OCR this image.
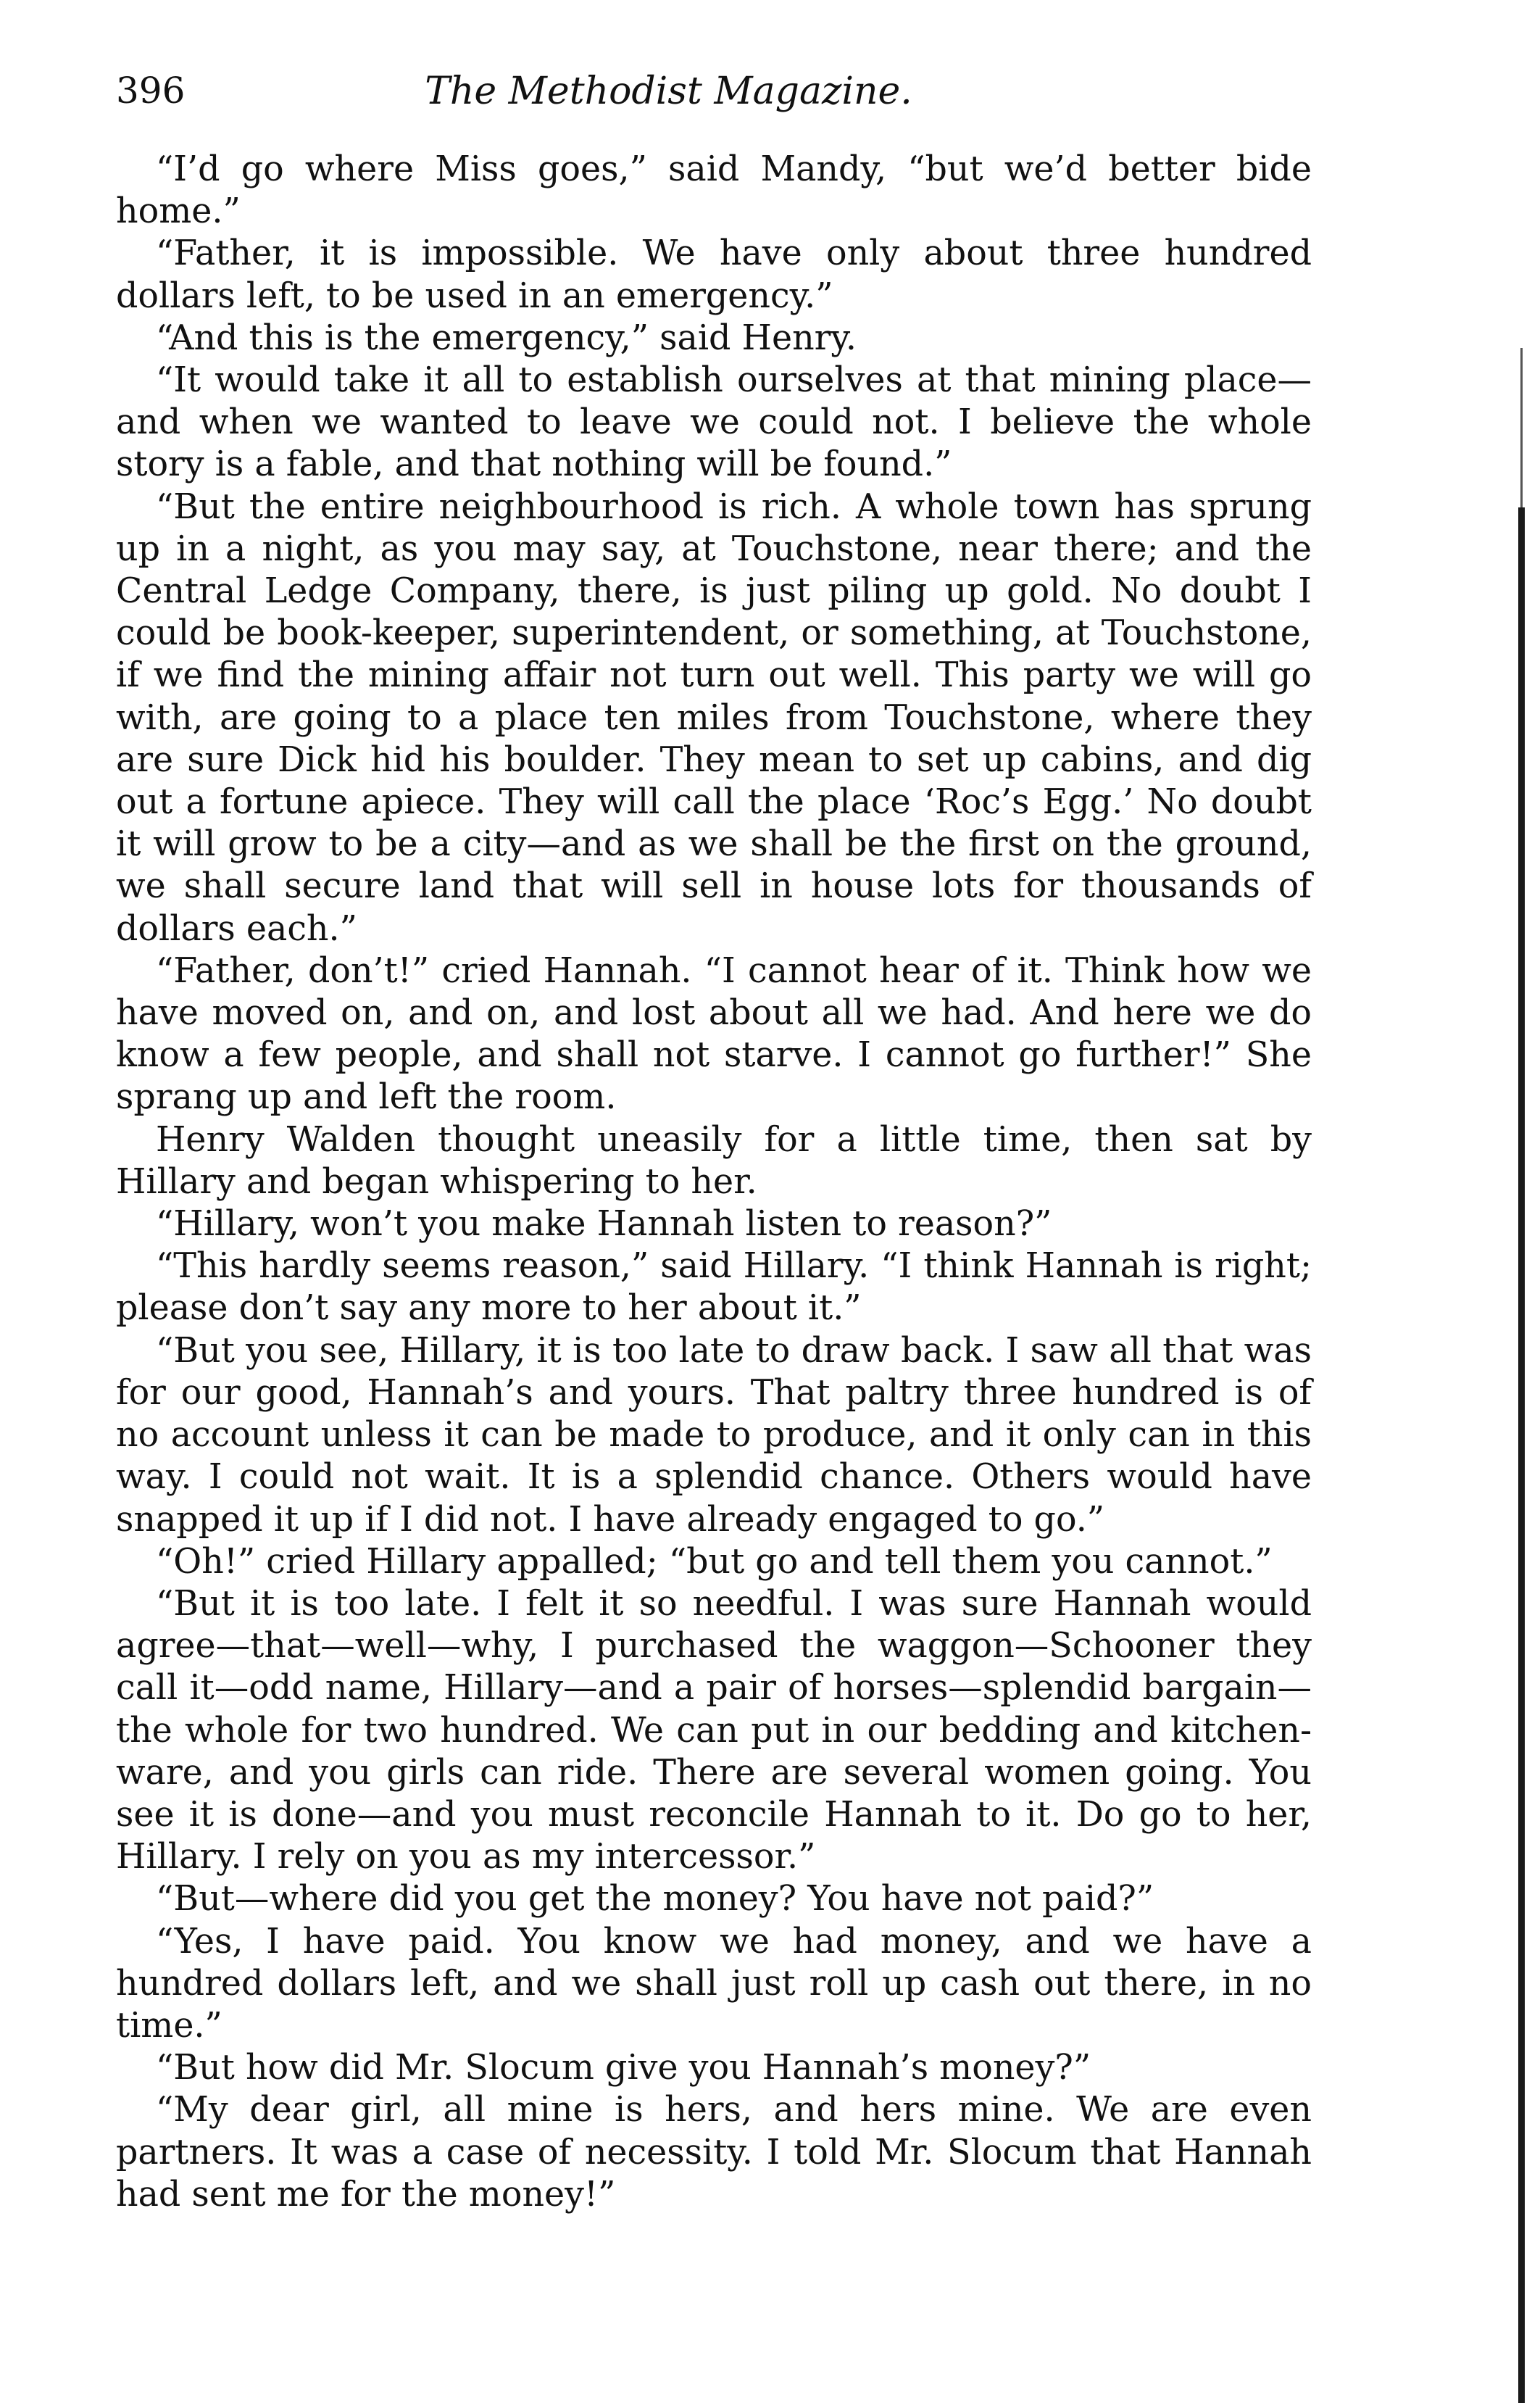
396	The Methodist Magazine.

“I’d go where Miss goes,” said Mandy, “but we’d better bide home.”

“Father, it is impossible. We have only about three hundred dollars left, to be used in an emergency.”

“And this is the emergency,” said Henry.

“It would take it all to establish ourselves at that mining place—and when we wanted to leave we could not. I believe the whole story is a fable, and that nothing will be found.”

“But the entire neighbourhood is rich. A whole town has sprung up in a night, as you may say, at Touchstone, near there; and the Central Ledge Company, there, is just piling up gold. No doubt I could be book-keeper, superintendent, or something, at Touchstone, if we find the mining affair not turn out well. This party we will go with, are going to a place ten miles from Touchstone, where they are sure Dick hid his boulder. They mean to set up cabins, and dig out a fortune apiece. They will call the place ‘Roc’s Egg.’ No doubt it will grow to be a city—and as we shall be the first on the ground, we shall secure land that will sell in house lots for thousands of dollars each.”

“Father, don’t!” cried Hannah. “I cannot hear of it. Think how we have moved on, and on, and lost about all we had. And here we do know a few people, and shall not starve. I cannot go further!” She sprang up and left the room.

Henry Walden thought uneasily for a little time, then sat by Hillary and began whispering to her.

“Hillary, won’t you make Hannah listen to reason?”

“This hardly seems reason,” said Hillary. “I think Hannah is right; please don’t say any more to her about it.”

“But you see, Hillary, it is too late to draw back. I saw all that was for our good, Hannah’s and yours. That paltry three hundred is of no account unless it can be made to produce, and it only can in this way. I could not wait. It is a splendid chance. Others would have snapped it up if I did not. I have already engaged to go.”

“Oh!” cried Hillary appalled; “but go and tell them you cannot.”

“But it is too late. I felt it so needful. I was sure Hannah would agree—that—well—why, I purchased the waggon—Schooner they call it—odd name, Hillary—and a pair of horses—splendid bargain—the whole for two hundred. We can put in our bedding and kitchen-ware, and you girls can ride. There are several women going. You see it is done—and you must reconcile Hannah to it. Do go to her, Hillary. I rely on you as my intercessor.”

“But—where did you get the money? You have not paid?”

“Yes, I have paid. You know we had money, and we have a hundred dollars left, and we shall just roll up cash out there, in no time.”

“But how did Mr. Slocum give you Hannah’s money?”

“My dear girl, all mine is hers, and hers mine. We are even partners. It was a case of necessity. I told Mr. Slocum that Hannah had sent me for the money!”
